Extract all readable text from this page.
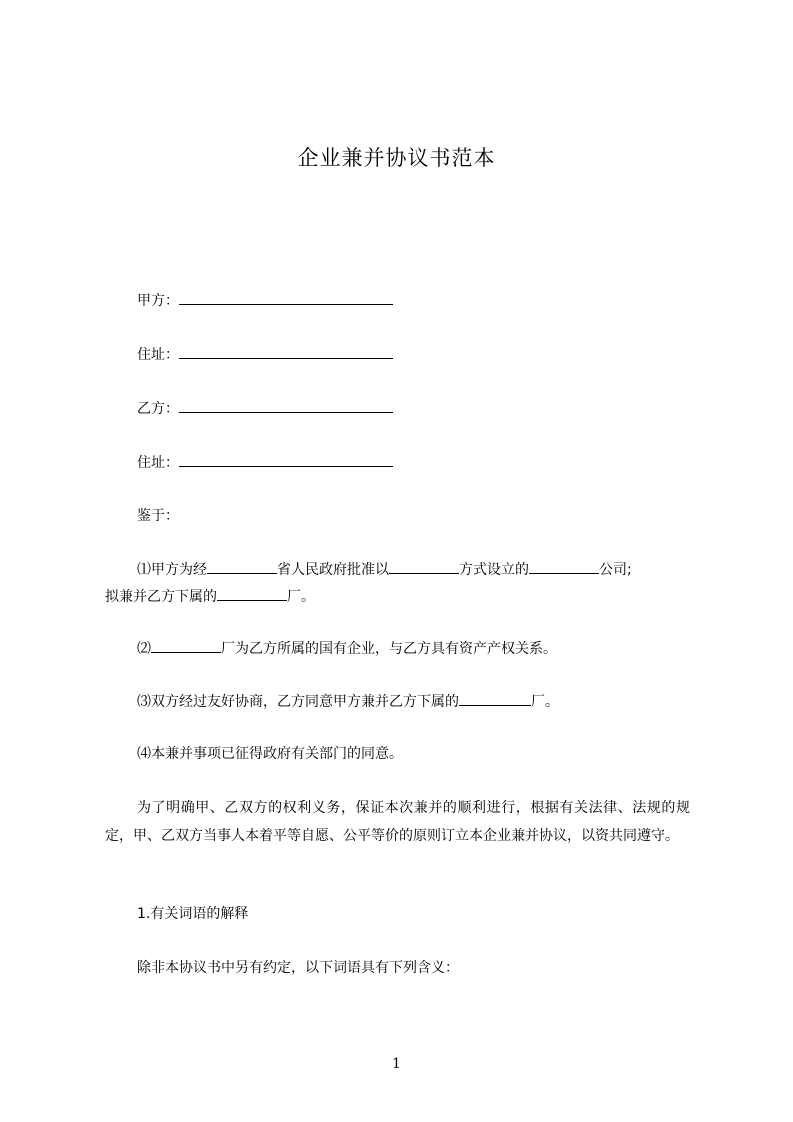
企业兼并协议书范本
甲方：
住址：
乙方：
住址：
鉴于：
⑴甲方为经	省人民政府批准以	方式设立的	公司;
拟兼并乙方下属的	厂。
⑵	厂为乙方所属的国有企业，与乙方具有资产产权关系。
⑶双方经过友好协商，乙方同意甲方兼并乙方下属的	厂。
⑷本兼并事项已征得政府有关部门的同意。
为了明确甲、乙双方的权利义务，保证本次兼并的顺利进行，根据有关法律、法规的规定，甲、乙双方当事人本着平等自愿、公平等价的原则订立本企业兼并协议，以资共同遵守。
1.有关词语的解释
除非本协议书中另有约定，以下词语具有下列含义：
1
